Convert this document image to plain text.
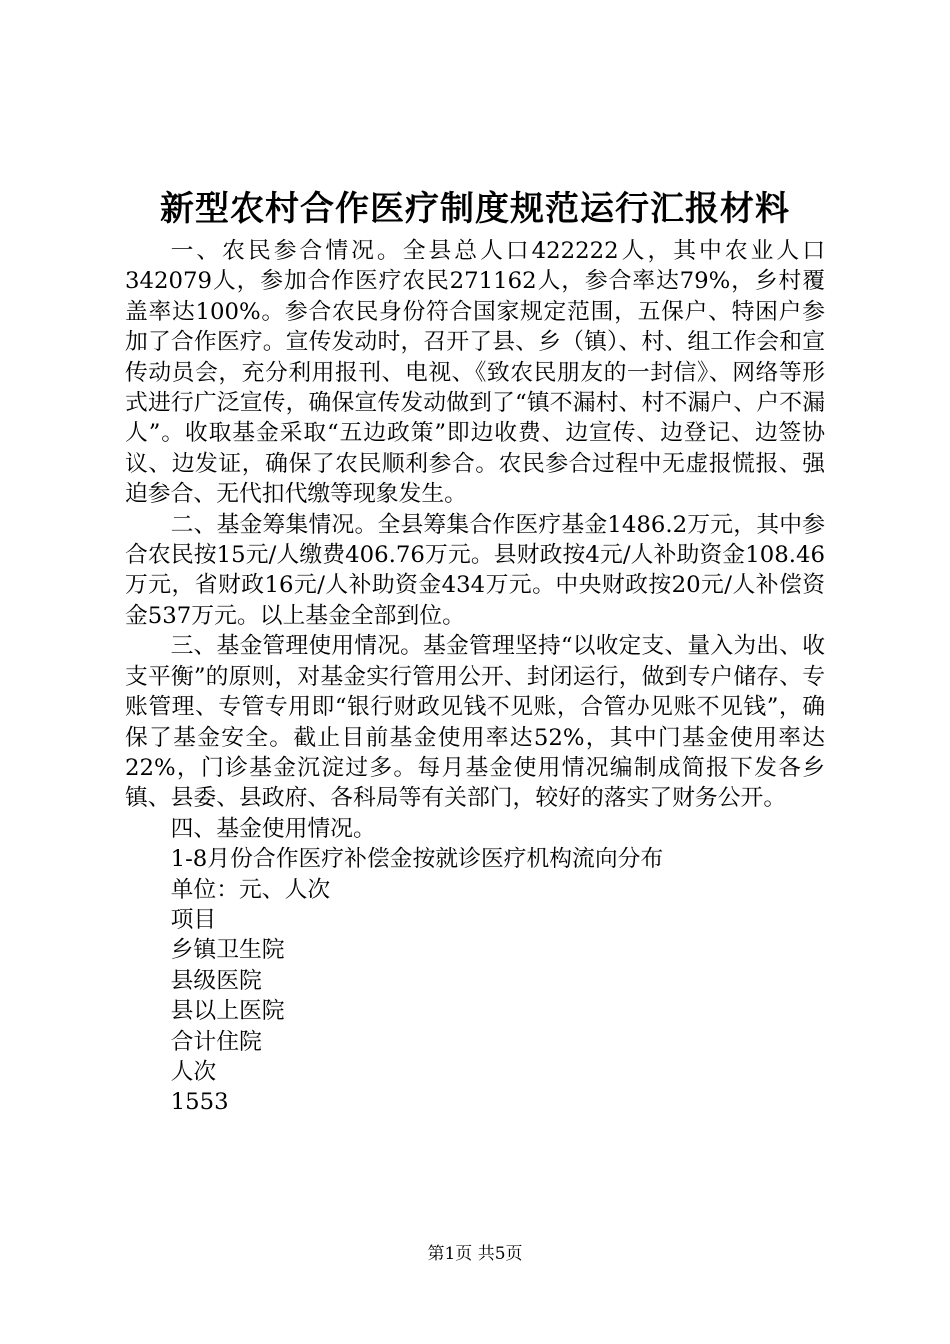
新型农村合作医疗制度规范运行汇报材料

一、农民参合情况。全县总人口422222人，其中农业人口342079人，参加合作医疗农民271162人，参合率达79%，乡村覆盖率达100%。参合农民身份符合国家规定范围，五保户、特困户参加了合作医疗。宣传发动时，召开了县、乡（镇）、村、组工作会和宣传动员会，充分利用报刊、电视、《致农民朋友的一封信》、网络等形式进行广泛宣传，确保宣传发动做到了“镇不漏村、村不漏户、户不漏人”。收取基金采取“五边政策”即边收费、边宣传、边登记、边签协议、边发证，确保了农民顺利参合。农民参合过程中无虚报慌报、强迫参合、无代扣代缴等现象发生。

二、基金筹集情况。全县筹集合作医疗基金1486.2万元，其中参合农民按15元/人缴费406.76万元。县财政按4元/人补助资金108.46万元，省财政16元/人补助资金434万元。中央财政按20元/人补偿资金537万元。以上基金全部到位。

三、基金管理使用情况。基金管理坚持“以收定支、量入为出、收支平衡”的原则，对基金实行管用公开、封闭运行，做到专户储存、专账管理、专管专用即“银行财政见钱不见账，合管办见账不见钱”，确保了基金安全。截止目前基金使用率达52%，其中门基金使用率达22%，门诊基金沉淀过多。每月基金使用情况编制成简报下发各乡镇、县委、县政府、各科局等有关部门，较好的落实了财务公开。

四、基金使用情况。
1-8月份合作医疗补偿金按就诊医疗机构流向分布
单位：元、人次
项目
乡镇卫生院
县级医院
县以上医院
合计住院
人次
1553
第1页 共5页
